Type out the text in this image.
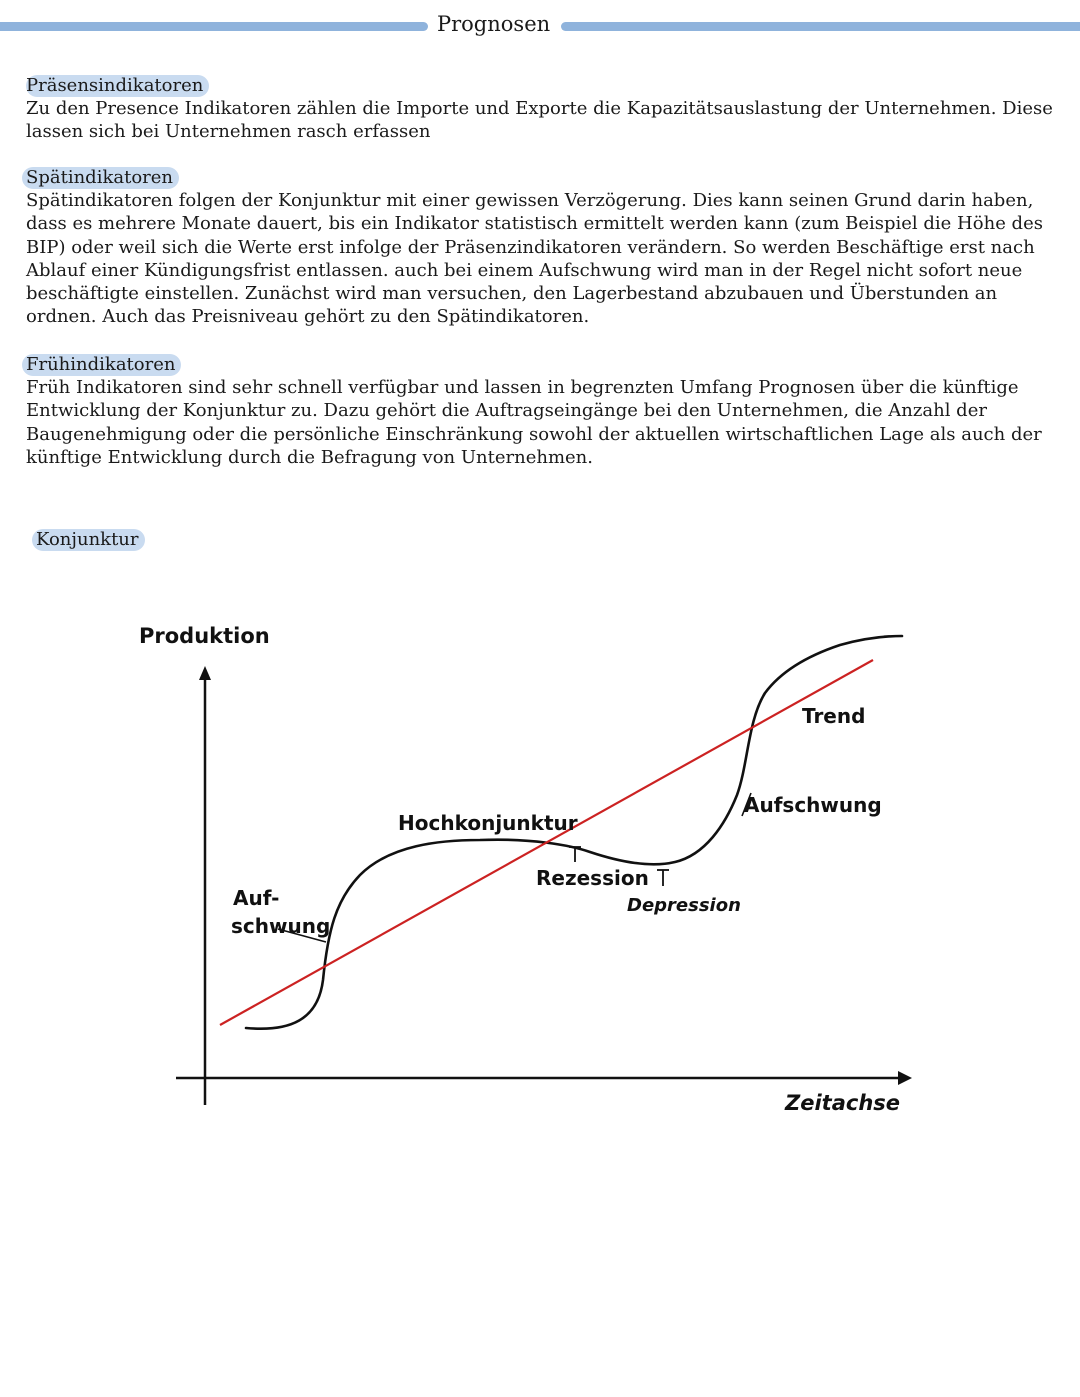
Prognosen
Präsensindikatoren

Zu den Presence Indikatoren zählen die Importe und Exporte die Kapazitätsauslastung der Unternehmen. Diese lassen sich bei Unternehmen rasch erfassen

Spätindikatoren

Spätindikatoren folgen der Konjunktur mit einer gewissen Verzögerung. Dies kann seinen Grund darin haben, dass es mehrere Monate dauert, bis ein Indikator statistisch ermittelt werden kann (zum Beispiel die Höhe des BIP) oder weil sich die Werte erst infolge der Präsenzindikatoren verändern. So werden Beschäftige erst nach Ablauf einer Kündigungsfrist entlassen. auch bei einem Aufschwung wird man in der Regel nicht sofort neue beschäftigte einstellen. Zunächst wird man versuchen, den Lagerbestand abzubauen und Überstunden an ordnen. Auch das Preisniveau gehört zu den Spätindikatoren.

Frühindikatoren

Früh Indikatoren sind sehr schnell verfügbar und lassen in begrenzten Umfang Prognosen über die künftige Entwicklung der Konjunktur zu. Dazu gehört die Auftragseingänge bei den Unternehmen, die Anzahl der Baugenehmigung oder die persönliche Einschränkung sowohl der aktuellen wirtschaftlichen Lage als auch der künftige Entwicklung durch die Befragung von Unternehmen.

Konjunktur
Produktion
Zeitachse
Trend
Aufschwung
Hochkonjunktur
Rezession
Depression
Auf-
schwung
